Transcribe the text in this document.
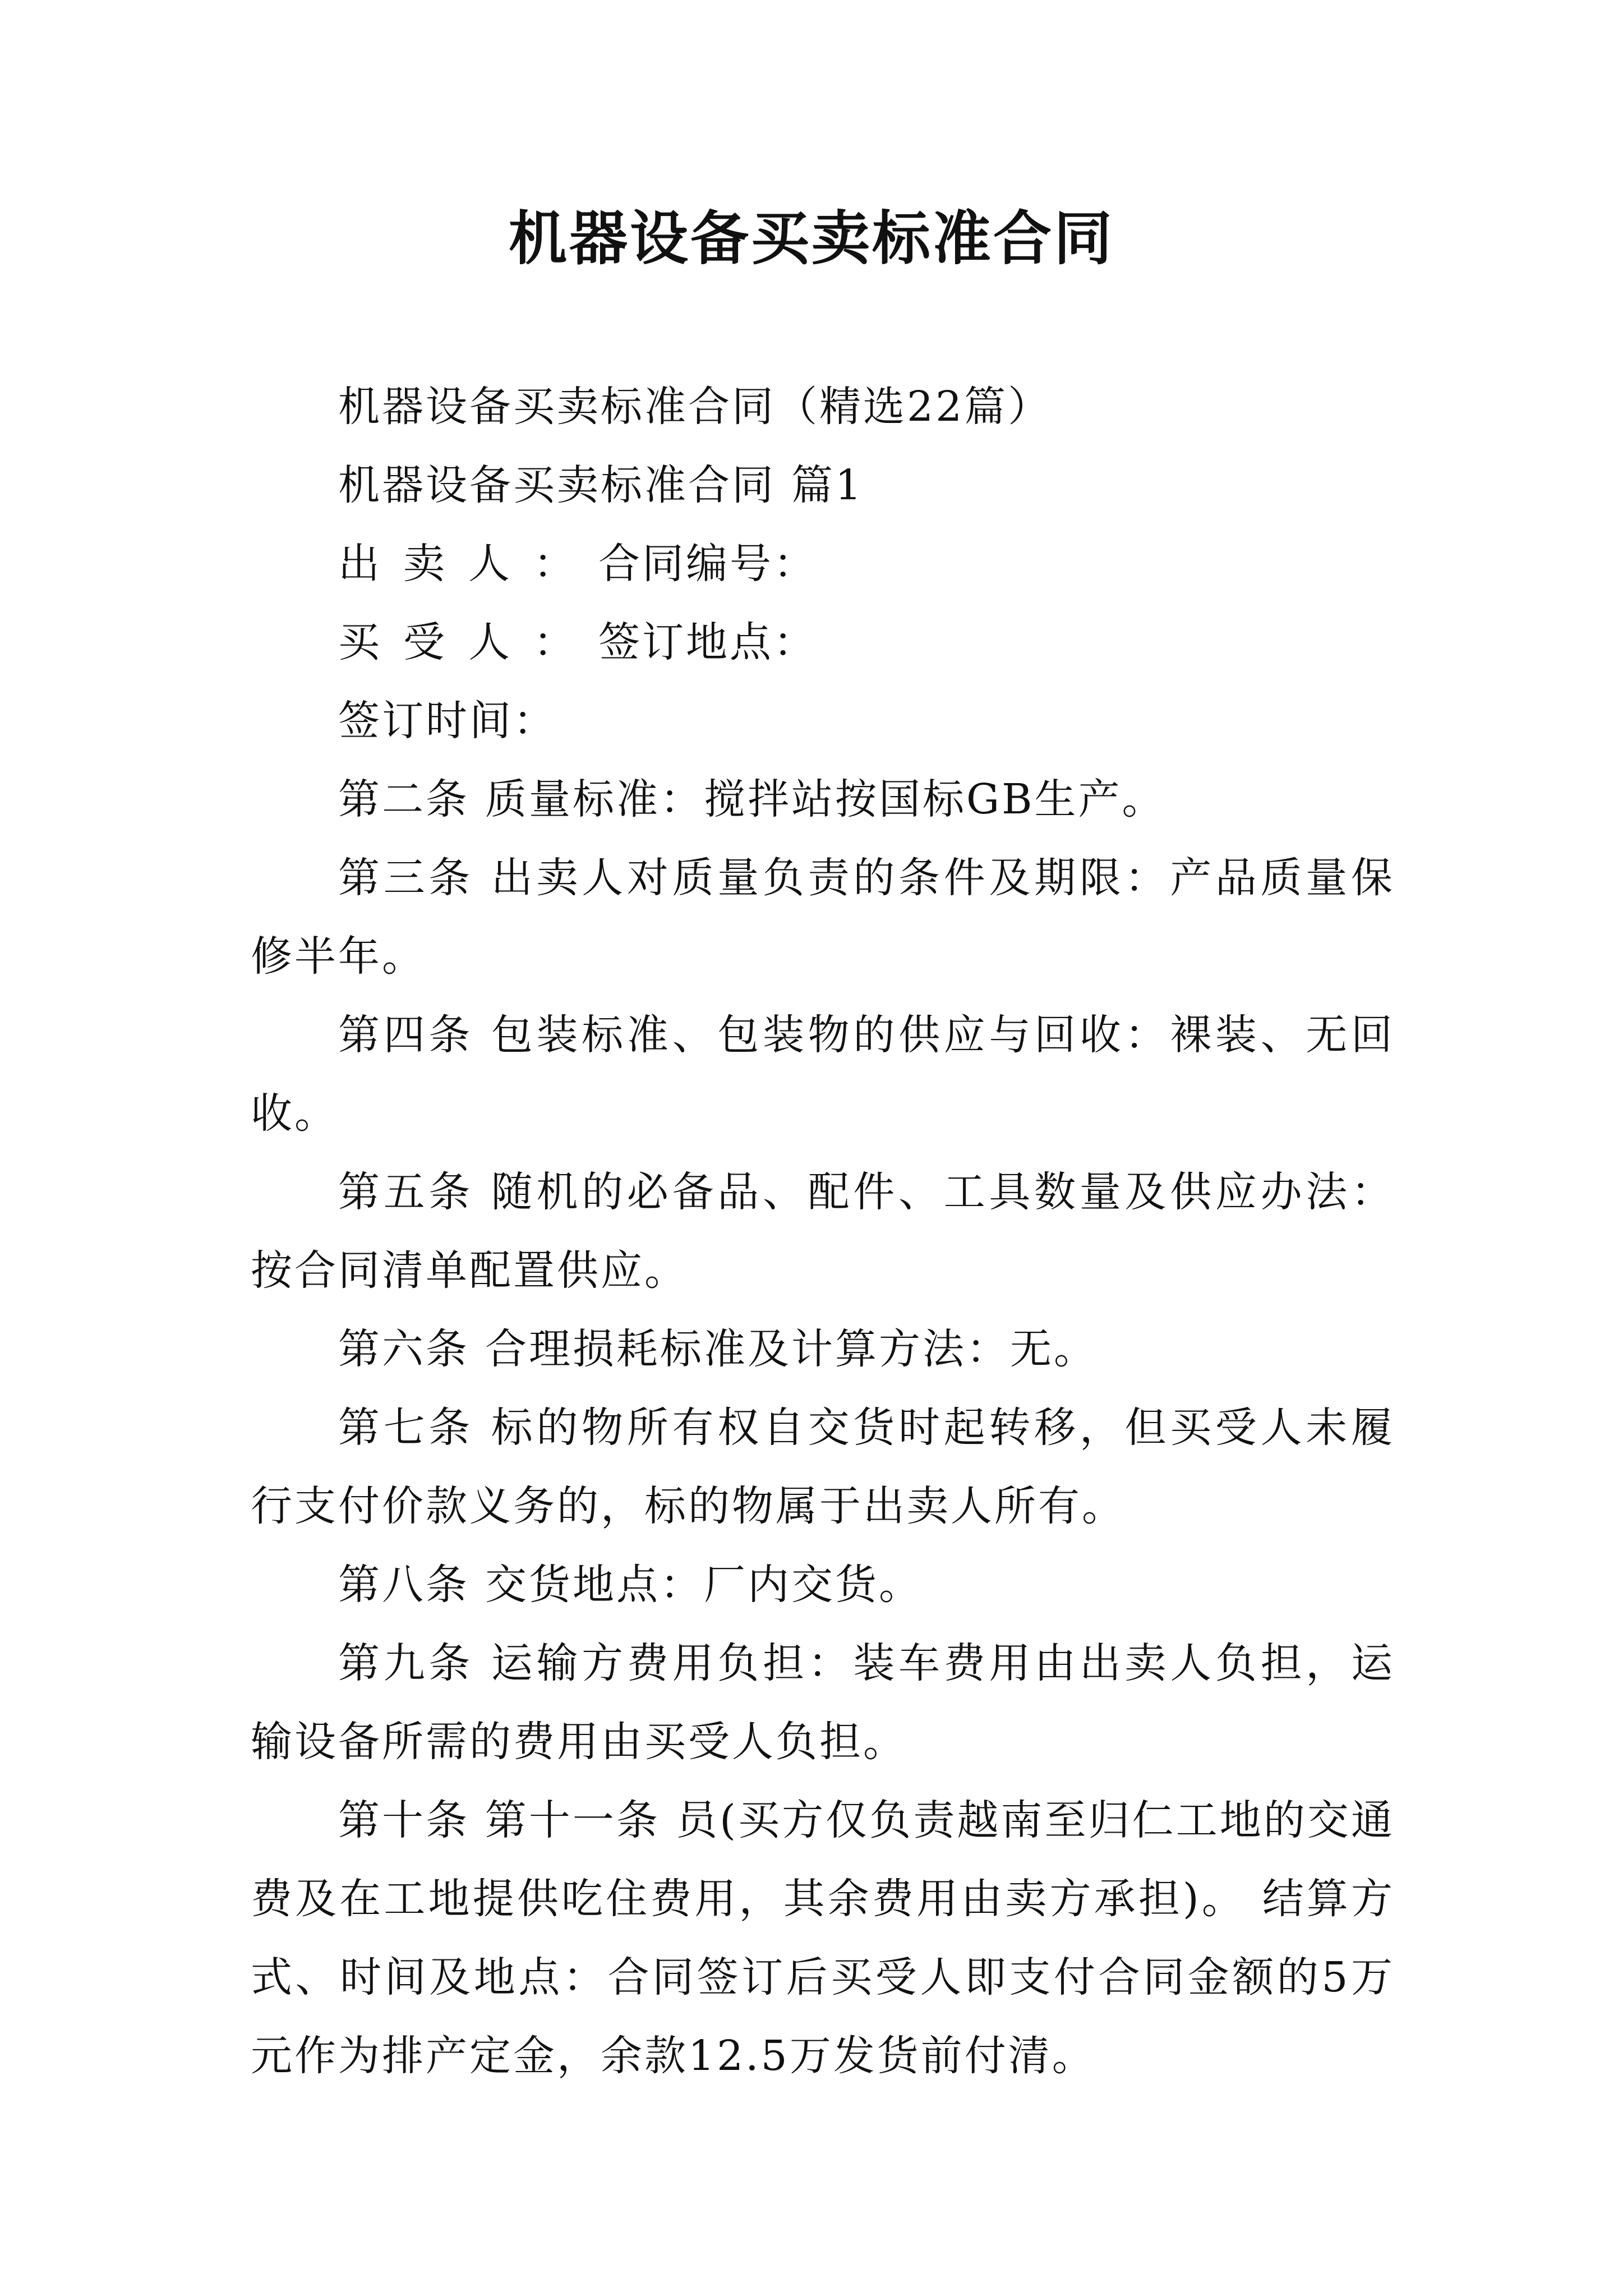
机器设备买卖标准合同

机器设备买卖标准合同（精选22篇）

机器设备买卖标准合同 篇1

出卖人：合同编号：

买受人：签订地点：

签订时间：

第二条 质量标准：搅拌站按国标GB生产。

第三条 出卖人对质量负责的条件及期限：产品质量保修半年。

第四条 包装标准、包装物的供应与回收：裸装、无回收。

第五条 随机的必备品、配件、工具数量及供应办法：按合同清单配置供应。

第六条 合理损耗标准及计算方法：无。

第七条 标的物所有权自交货时起转移，但买受人未履行支付价款义务的，标的物属于出卖人所有。

第八条 交货地点：厂内交货。

第九条 运输方费用负担：装车费用由出卖人负担，运输设备所需的费用由买受人负担。

第十条 第十一条 员(买方仅负责越南至归仁工地的交通费及在工地提供吃住费用，其余费用由卖方承担)。 结算方式、时间及地点：合同签订后买受人即支付合同金额的5万元作为排产定金，余款12.5万发货前付清。
